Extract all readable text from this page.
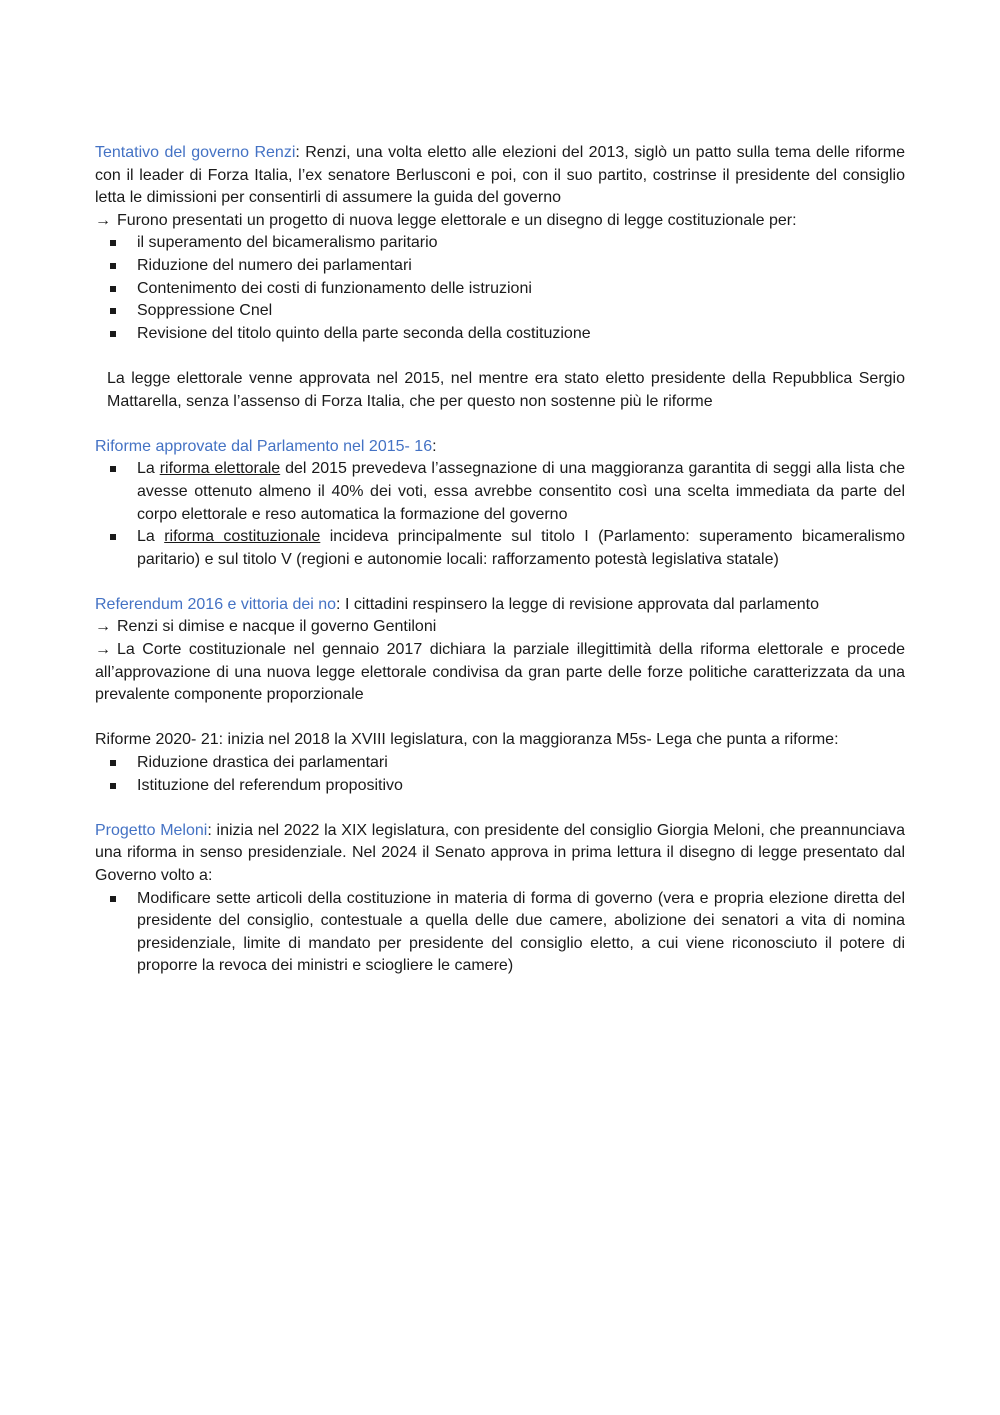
Tentativo del governo Renzi: Renzi, una volta eletto alle elezioni del 2013, siglò un patto sulla tema delle riforme con il leader di Forza Italia, l’ex senatore Berlusconi e poi, con il suo partito, costrinse il presidente del consiglio letta le dimissioni per consentirli di assumere la guida del governo

→ Furono presentati un progetto di nuova legge elettorale e un disegno di legge costituzionale per:

il superamento del bicameralismo paritario
Riduzione del numero dei parlamentari
Contenimento dei costi di funzionamento delle istruzioni
Soppressione Cnel
Revisione del titolo quinto della parte seconda della costituzione

La legge elettorale venne approvata nel 2015, nel mentre era stato eletto presidente della Repubblica Sergio Mattarella, senza l’assenso di Forza Italia, che per questo non sostenne più le riforme

Riforme approvate dal Parlamento nel 2015- 16:

La riforma elettorale del 2015 prevedeva l’assegnazione di una maggioranza garantita di seggi alla lista che avesse ottenuto almeno il 40% dei voti, essa avrebbe consentito così una scelta immediata da parte del corpo elettorale e reso automatica la formazione del governo
La riforma costituzionale incideva principalmente sul titolo I (Parlamento: superamento bicameralismo paritario) e sul titolo V (regioni e autonomie locali: rafforzamento potestà legislativa statale)

Referendum 2016 e vittoria dei no: I cittadini respinsero la legge di revisione approvata dal parlamento

→ Renzi si dimise e nacque il governo Gentiloni

→ La Corte costituzionale nel gennaio 2017 dichiara la parziale illegittimità della riforma elettorale e procede all’approvazione di una nuova legge elettorale condivisa da gran parte delle forze politiche caratterizzata da una prevalente componente proporzionale

Riforme 2020- 21: inizia nel 2018 la XVIII legislatura, con la maggioranza M5s- Lega che punta a riforme:

Riduzione drastica dei parlamentari
Istituzione del referendum propositivo

Progetto Meloni: inizia nel 2022 la XIX legislatura, con presidente del consiglio Giorgia Meloni, che preannunciava una riforma in senso presidenziale. Nel 2024 il Senato approva in prima lettura il disegno di legge presentato dal Governo volto a:

Modificare sette articoli della costituzione in materia di forma di governo (vera e propria elezione diretta del presidente del consiglio, contestuale a quella delle due camere, abolizione dei senatori a vita di nomina presidenziale, limite di mandato per presidente del consiglio eletto, a cui viene riconosciuto il potere di proporre la revoca dei ministri e sciogliere le camere)
